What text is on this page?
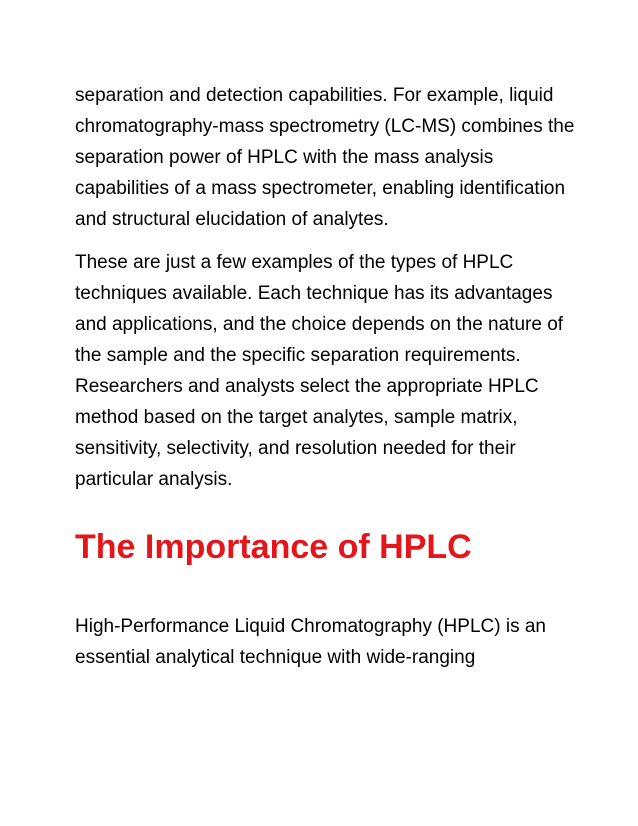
separation and detection capabilities. For example, liquid chromatography-mass spectrometry (LC-MS) combines the separation power of HPLC with the mass analysis capabilities of a mass spectrometer, enabling identification and structural elucidation of analytes.

These are just a few examples of the types of HPLC techniques available. Each technique has its advantages and applications, and the choice depends on the nature of the sample and the specific separation requirements. Researchers and analysts select the appropriate HPLC method based on the target analytes, sample matrix, sensitivity, selectivity, and resolution needed for their particular analysis.

The Importance of HPLC

High-Performance Liquid Chromatography (HPLC) is an essential analytical technique with wide-ranging
